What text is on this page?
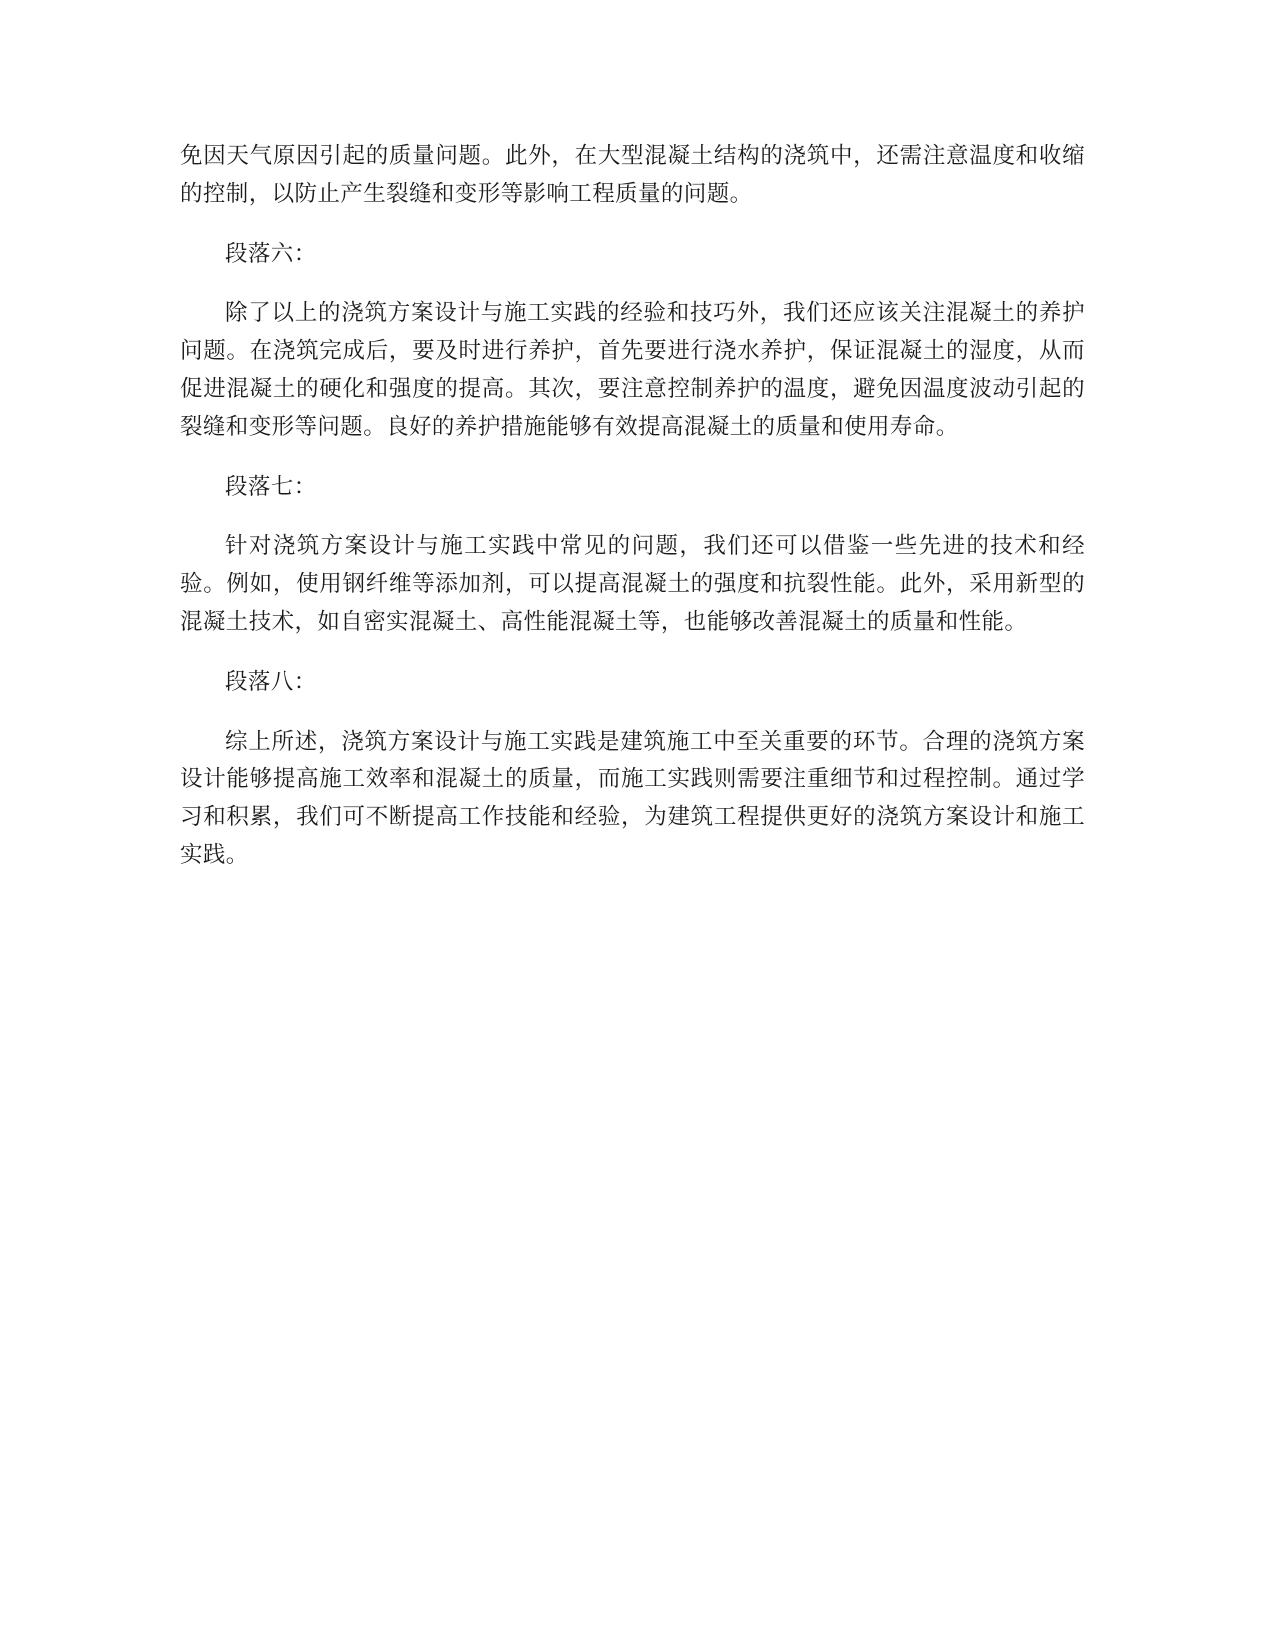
免因天气原因引起的质量问题。此外，在大型混凝土结构的浇筑中，还需注意温度和收缩的控制，以防止产生裂缝和变形等影响工程质量的问题。

段落六：

除了以上的浇筑方案设计与施工实践的经验和技巧外，我们还应该关注混凝土的养护问题。在浇筑完成后，要及时进行养护，首先要进行浇水养护，保证混凝土的湿度，从而促进混凝土的硬化和强度的提高。其次，要注意控制养护的温度，避免因温度波动引起的裂缝和变形等问题。良好的养护措施能够有效提高混凝土的质量和使用寿命。

段落七：

针对浇筑方案设计与施工实践中常见的问题，我们还可以借鉴一些先进的技术和经验。例如，使用钢纤维等添加剂，可以提高混凝土的强度和抗裂性能。此外，采用新型的混凝土技术，如自密实混凝土、高性能混凝土等，也能够改善混凝土的质量和性能。

段落八：

综上所述，浇筑方案设计与施工实践是建筑施工中至关重要的环节。合理的浇筑方案设计能够提高施工效率和混凝土的质量，而施工实践则需要注重细节和过程控制。通过学习和积累，我们可不断提高工作技能和经验，为建筑工程提供更好的浇筑方案设计和施工实践。
